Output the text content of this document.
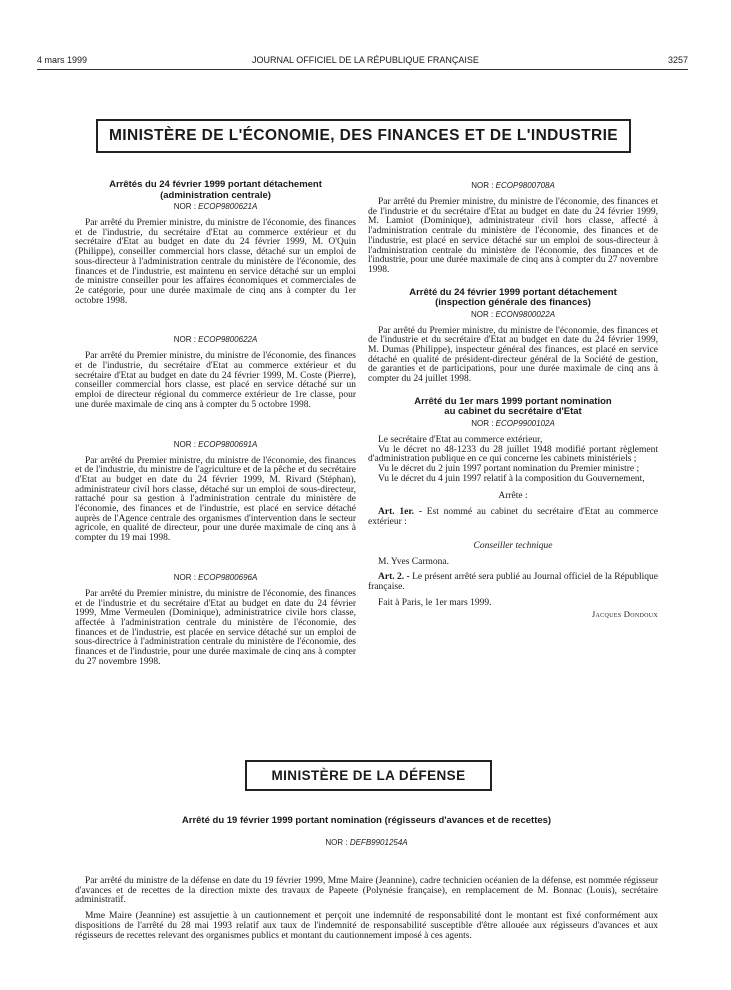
4 mars 1999	JOURNAL OFFICIEL DE LA RÉPUBLIQUE FRANÇAISE	3257
MINISTÈRE DE L'ÉCONOMIE, DES FINANCES ET DE L'INDUSTRIE
Arrêtés du 24 février 1999 portant détachement
(administration centrale)
NOR : ECOP9800621A

Par arrêté du Premier ministre, du ministre de l'économie, des finances et de l'industrie, du secrétaire d'Etat au commerce extérieur et du secrétaire d'Etat au budget en date du 24 février 1999, M. O'Quin (Philippe), conseiller commercial hors classe, détaché sur un emploi de sous-directeur à l'administration centrale du ministère de l'économie, des finances et de l'industrie, est maintenu en service détaché sur un emploi de ministre conseiller pour les affaires économiques et commerciales de 2e catégorie, pour une durée maximale de cinq ans à compter du 1er octobre 1998.

NOR : ECOP9800622A

Par arrêté du Premier ministre, du ministre de l'économie, des finances et de l'industrie, du secrétaire d'Etat au commerce extérieur et du secrétaire d'Etat au budget en date du 24 février 1999, M. Coste (Pierre), conseiller commercial hors classe, est placé en service détaché sur un emploi de directeur régional du commerce extérieur de 1re classe, pour une durée maximale de cinq ans à compter du 5 octobre 1998.

NOR : ECOP9800691A

Par arrêté du Premier ministre, du ministre de l'économie, des finances et de l'industrie, du ministre de l'agriculture et de la pêche et du secrétaire d'Etat au budget en date du 24 février 1999, M. Rivard (Stéphan), administrateur civil hors classe, détaché sur un emploi de sous-directeur, rattaché pour sa gestion à l'administration centrale du ministère de l'économie, des finances et de l'industrie, est placé en service détaché auprès de l'Agence centrale des organismes d'intervention dans le secteur agricole, en qualité de directeur, pour une durée maximale de cinq ans à compter du 19 mai 1998.

NOR : ECOP9800696A

Par arrêté du Premier ministre, du ministre de l'économie, des finances et de l'industrie et du secrétaire d'Etat au budget en date du 24 février 1999, Mme Vermeulen (Dominique), administratrice civile hors classe, affectée à l'administration centrale du ministère de l'économie, des finances et de l'industrie, est placée en service détaché sur un emploi de sous-directrice à l'administration centrale du ministère de l'économie, des finances et de l'industrie, pour une durée maximale de cinq ans à compter du 27 novembre 1998.

NOR : ECOP9800708A

Par arrêté du Premier ministre, du ministre de l'économie, des finances et de l'industrie et du secrétaire d'Etat au budget en date du 24 février 1999, M. Lamiot (Dominique), administrateur civil hors classe, affecté à l'administration centrale du ministère de l'économie, des finances et de l'industrie, est placé en service détaché sur un emploi de sous-directeur à l'administration centrale du ministère de l'économie, des finances et de l'industrie, pour une durée maximale de cinq ans à compter du 27 novembre 1998.

Arrêté du 24 février 1999 portant détachement
(inspection générale des finances)
NOR : ECON9800022A

Par arrêté du Premier ministre, du ministre de l'économie, des finances et de l'industrie et du secrétaire d'Etat au budget en date du 24 février 1999, M. Dumas (Philippe), inspecteur général des finances, est placé en service détaché en qualité de président-directeur général de la Société de gestion, de garanties et de participations, pour une durée maximale de cinq ans à compter du 24 juillet 1998.

Arrêté du 1er mars 1999 portant nomination
au cabinet du secrétaire d'Etat
NOR : ECOP9900102A

Le secrétaire d'Etat au commerce extérieur,

Vu le décret no 48-1233 du 28 juillet 1948 modifié portant règlement d'administration publique en ce qui concerne les cabinets ministériels ;

Vu le décret du 2 juin 1997 portant nomination du Premier ministre ;

Vu le décret du 4 juin 1997 relatif à la composition du Gouvernement,

Arrête :

Art. 1er. - Est nommé au cabinet du secrétaire d'Etat au commerce extérieur :

Conseiller technique

M. Yves Carmona.

Art. 2. - Le présent arrêté sera publié au Journal officiel de la République française.

Fait à Paris, le 1er mars 1999.

Jacques Dondoux
MINISTÈRE DE LA DÉFENSE
Arrêté du 19 février 1999 portant nomination (régisseurs d'avances et de recettes)
NOR : DEFB9901254A

Par arrêté du ministre de la défense en date du 19 février 1999, Mme Maire (Jeannine), cadre technicien océanien de la défense, est nommée régisseur d'avances et de recettes de la direction mixte des travaux de Papeete (Polynésie française), en remplacement de M. Bonnac (Louis), secrétaire administratif.

Mme Maire (Jeannine) est assujettie à un cautionnement et perçoit une indemnité de responsabilité dont le montant est fixé conformément aux dispositions de l'arrêté du 28 mai 1993 relatif aux taux de l'indemnité de responsabilité susceptible d'être allouée aux régisseurs d'avances et aux régisseurs de recettes relevant des organismes publics et montant du cautionnement imposé à ces agents.
